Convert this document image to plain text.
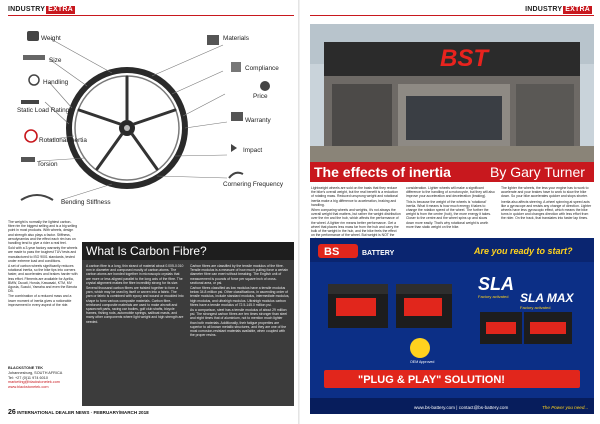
INDUSTRY EXTRA
Weight
Size
Handling
Static Load Rating
Rotational inertia
Torsion
Bending Stiffness
Materials
Compliance
Price
Warranty
Impact
Cornering Frequency

The weight is normally the lightest carbon-fibre rim the biggest selling and is a big selling point in most products. With wheels, design and strength also plays a factor. Stiffness, aerodynamics and the effect each rim has on handling tend to give a rider a real feel.

Sold with a 3-year factory warranty the wheels are made to pass the toughest TUV tests and manufactured to ISO 9001 standards, tested under extreme load and conditions.

A set of carbon wheels significantly reduces rotational inertia, so the bike tips into corners faster, and accelerates and brakes harder with less effort. Fitments are available for Aprilia, BMW, Ducati, Honda, Kawasaki, KTM, MV Agusta, Suzuki, Yamaha and even the Bimota DB.

The combination of a reduced mass and a lower moment of inertia gives a noticeable improvement in every aspect of the ride.

BLACKSTONE TEK
Johannesburg, SOUTH AFRICA
Tel: +27 (0)11 974 6010
marketing@blackstonetek.com
www.blackstonetek.com
What Is Carbon Fibre?

A carbon fibre is a long, thin strand of material about 0.005-0.010 mm in diameter and composed mostly of carbon atoms. The carbon atoms are bonded together in microscopic crystals that are more or less aligned parallel to the long axis of the fibre. The crystal alignment makes the fibre incredibly strong for its size.

Several thousand carbon fibres are twisted together to form a yarn, which may be used by itself or woven into a fabric. The yarn or fabric is combined with epoxy and wound or moulded into shape to form various composite materials. Carbon fibre-reinforced composite materials are used to make aircraft and spacecraft parts, racing car bodies, golf club shafts, bicycle frames, fishing rods, automobile springs, sailboat masts, and many other components where light weight and high strength are needed.

Carbon fibres are classified by the tensile modulus of the fibre. Tensile modulus is a measure of how much pulling force a certain diameter fibre can exert without breaking. The English unit of measurement is pounds of force per square inch of cross-sectional area, or psi.

Carbon fibres classified as low modulus have a tensile modulus below 34.8 million psi. Other classifications, in ascending order of tensile modulus, include standard modulus, intermediate modulus, high modulus, and ultrahigh modulus. Ultrahigh modulus carbon fibres have a tensile modulus of 72.5-145.0 million psi.

As a comparison, steel has a tensile modulus of about 29 million psi. The strongest carbon fibres are ten times stronger than steel and eight times that of aluminium, not to mention much lighter than both materials. Additionally, their fatigue properties are superior to all known metallic structures, and they are one of the most corrosion-resistant materials available, when coupled with the proper resins.

26 INTERNATIONAL DEALER NEWS · FEBRUARY/MARCH 2018
INDUSTRY EXTRA
BST
The effects of inertia	By Gary Turner

Lightweight wheels are sold on the basis that they reduce the bike's overall weight, but the real benefit is a reduction of rotating mass. Reduced unsprung weight and rotational inertia make a big difference to acceleration, braking and handling.

When comparing wheels and weights, it's not always the overall weight that matters, but rather the weight distribution over the rim and the hub, which affects the performance of the wheel. A lighter rim means better performance. Get a wheel that places less mass far from the hub and carry the bulk of the weight in the hub, and the bike feels the effect on the performance of the wheel. But weight is NOT the

consideration. Lighter wheels will make a significant difference to the handling of a motorcycle, but they will also improve your acceleration and deceleration (braking).

This is because the weight of the wheels is 'rotational' inertia. What it means is how much energy it takes to change the rotation speed of the wheel. The further the weight is from the centre (hub), the more energy it takes. Closer to the centre and the wheel spins up and slows down more easily. That's why rotational weight is worth more than static weight on the bike.

The lighter the wheels, the less your engine has to work to accelerate and your brakes have to work to slow the bike down. So your bike accelerates quicker and stops shorter.

Inertia also affects steering. A wheel spinning at speed acts like a gyroscope and resists any change of direction. Lighter wheels have less gyroscopic effect, which means the bike turns in quicker and changes direction with less effort from the rider. On the track, that translates into faster lap times.

Are you ready to start?
BS	BATTERY
SLA
Factory activated SLA MAX
Factory activated
OEM Approved
"PLUG & PLAY" SOLUTION!
www.bs-battery.com | contact@bs-battery.com	The Power you need...
